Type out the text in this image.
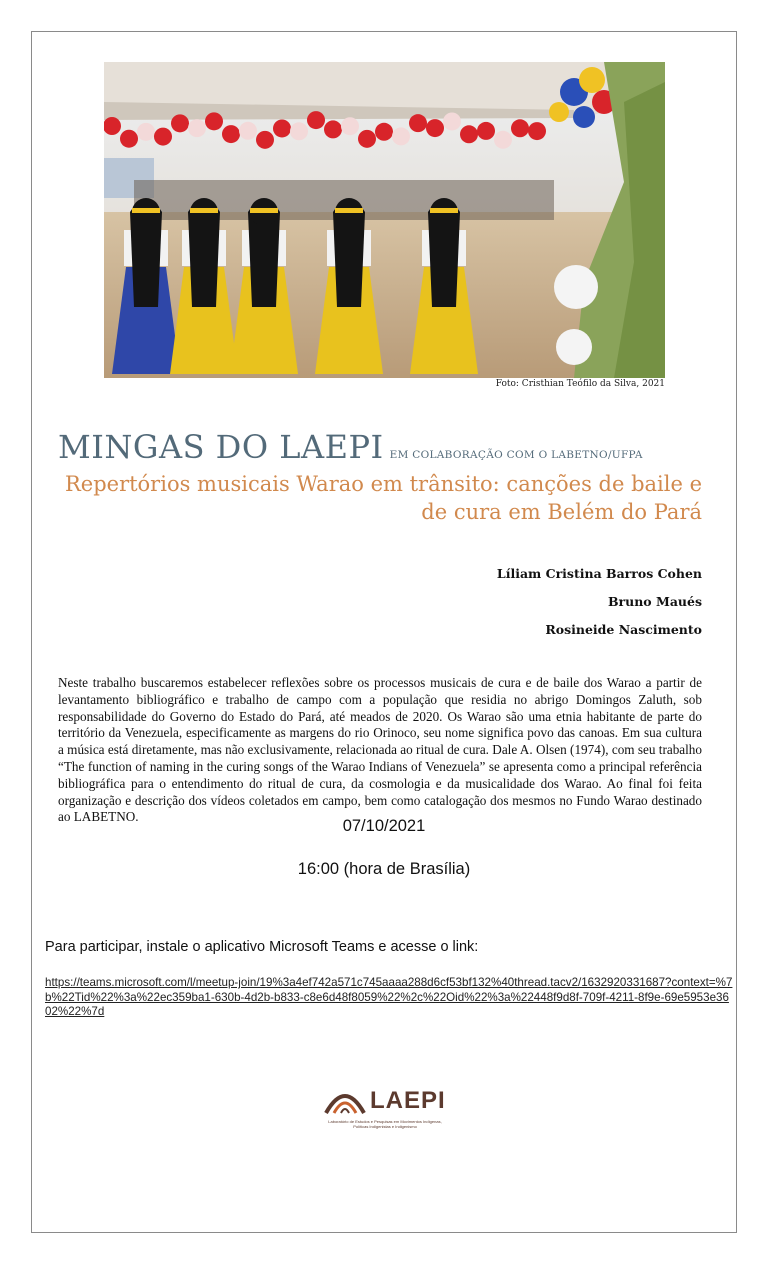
Foto: Cristhian Teófilo da Silva, 2021
MINGAS DO LAEPI EM COLABORAÇÃO COM O LABETNO/UFPA
Repertórios musicais Warao em trânsito: canções de baile e de cura em Belém do Pará
Líliam Cristina Barros Cohen
Bruno Maués
Rosineide Nascimento
Neste trabalho buscaremos estabelecer reflexões sobre os processos musicais de cura e de baile dos Warao a partir de levantamento bibliográfico e trabalho de campo com a população que residia no abrigo Domingos Zaluth, sob responsabilidade do Governo do Estado do Pará, até meados de 2020. Os Warao são uma etnia habitante de parte do território da Venezuela, especificamente as margens do rio Orinoco, seu nome significa povo das canoas. Em sua cultura a música está diretamente, mas não exclusivamente, relacionada ao ritual de cura. Dale A. Olsen (1974), com seu trabalho “The function of naming in the curing songs of the Warao Indians of Venezuela” se apresenta como a principal referência bibliográfica para o entendimento do ritual de cura, da cosmologia e da musicalidade dos Warao. Ao final foi feita organização e descrição dos vídeos coletados em campo, bem como catalogação dos mesmos no Fundo Warao destinado ao LABETNO.
07/10/2021
16:00 (hora de Brasília)
Para participar, instale o aplicativo Microsoft Teams e acesse o link:
https://teams.microsoft.com/l/meetup-join/19%3a4ef742a571c745aaaa288d6cf53bf132%40thread.tacv2/1632920331687?context=%7b%22Tid%22%3a%22ec359ba1-630b-4d2b-b833-c8e6d48f8059%22%2c%22Oid%22%3a%22448f9d8f-709f-4211-8f9e-69e5953e3602%22%7d
LAEPI
Laboratório de Estudos e Pesquisas em Movimentos Indígenas, Políticas Indigenistas e Indigenismo
